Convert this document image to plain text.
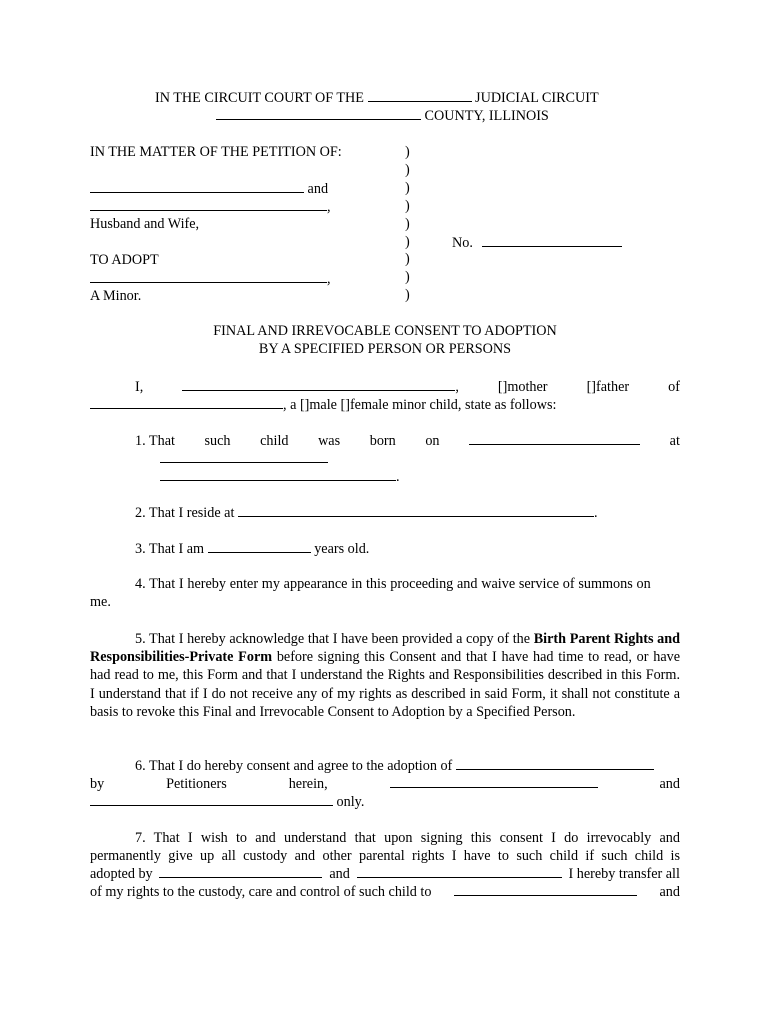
IN THE CIRCUIT COURT OF THE	JUDICIAL CIRCUIT
COUNTY, ILLINOIS
IN THE MATTER OF THE PETITION OF:
and
,
Husband and Wife,
TO ADOPT
,
A Minor.
)
)
)
)
)
)
)
)
)
No.
FINAL AND IRREVOCABLE CONSENT TO ADOPTION
BY A SPECIFIED PERSON OR PERSONS
I,	,	[]mother	[]father	of
, a []male []female minor child, state as follows:
1. That such child was born on	at
.
2. That I reside at	.
3. That I am	years old.
4. That I hereby enter my appearance in this proceeding and waive service of summons on
me.
5. That I hereby acknowledge that I have been provided a copy of the Birth Parent Rights and Responsibilities-Private Form before signing this Consent and that I have had time to read, or have had read to me, this Form and that I understand the Rights and Responsibilities described in this Form. I understand that if I do not receive any of my rights as described in said Form, it shall not constitute a basis to revoke this Final and Irrevocable Consent to Adoption by a Specified Person.
6. That I do hereby consent and agree to the adoption of
by	Petitioners	herein,	and
only.
7. That I wish to and understand that upon signing this consent I do irrevocably and permanently give up all custody and other parental rights I have to such child if such child is
adopted by	and	I hereby transfer all
of my rights to the custody, care and control of such child to	and
